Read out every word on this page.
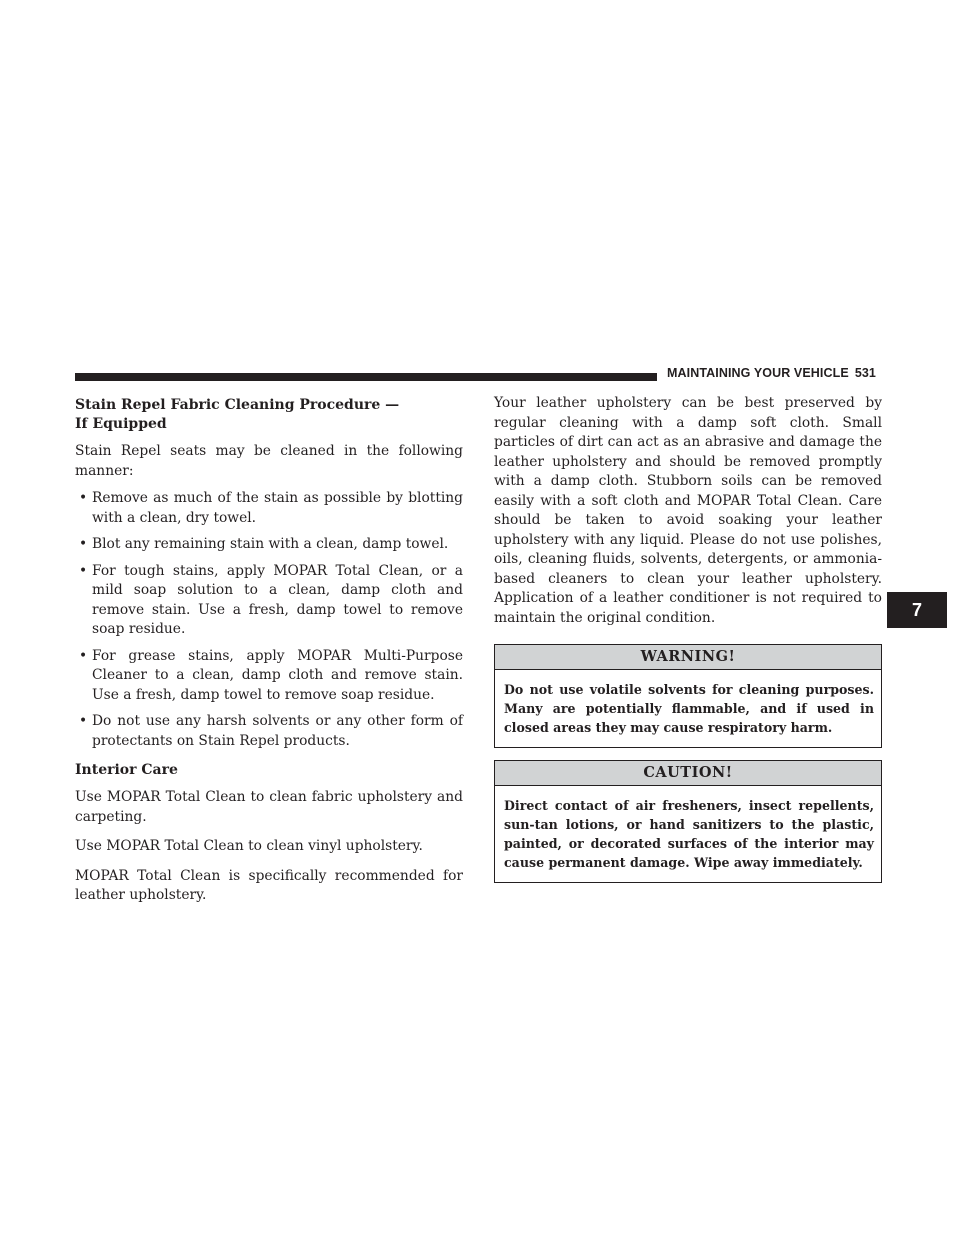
MAINTAINING YOUR VEHICLE 531
7

Stain Repel Fabric Cleaning Procedure —
If Equipped

Stain Repel seats may be cleaned in the following manner:

• Remove as much of the stain as possible by blotting with a clean, dry towel.
• Blot any remaining stain with a clean, damp towel.
• For tough stains, apply MOPAR Total Clean, or a mild soap solution to a clean, damp cloth and remove stain. Use a fresh, damp towel to remove soap residue.
• For grease stains, apply MOPAR Multi-Purpose Cleaner to a clean, damp cloth and remove stain. Use a fresh, damp towel to remove soap residue.
• Do not use any harsh solvents or any other form of protectants on Stain Repel products.

Interior Care

Use MOPAR Total Clean to clean fabric upholstery and carpeting.

Use MOPAR Total Clean to clean vinyl upholstery.

MOPAR Total Clean is specifically recommended for leather upholstery.

Your leather upholstery can be best preserved by regular cleaning with a damp soft cloth. Small particles of dirt can act as an abrasive and damage the leather upholstery and should be removed promptly with a damp cloth. Stubborn soils can be removed easily with a soft cloth and MOPAR Total Clean. Care should be taken to avoid soaking your leather upholstery with any liquid. Please do not use polishes, oils, cleaning fluids, solvents, detergents, or ammonia-based cleaners to clean your leather upholstery. Application of a leather conditioner is not required to maintain the original condition.

WARNING!
Do not use volatile solvents for cleaning purposes. Many are potentially flammable, and if used in closed areas they may cause respiratory harm.
CAUTION!
Direct contact of air fresheners, insect repellents, sun-tan lotions, or hand sanitizers to the plastic, painted, or decorated surfaces of the interior may cause permanent damage. Wipe away immediately.
